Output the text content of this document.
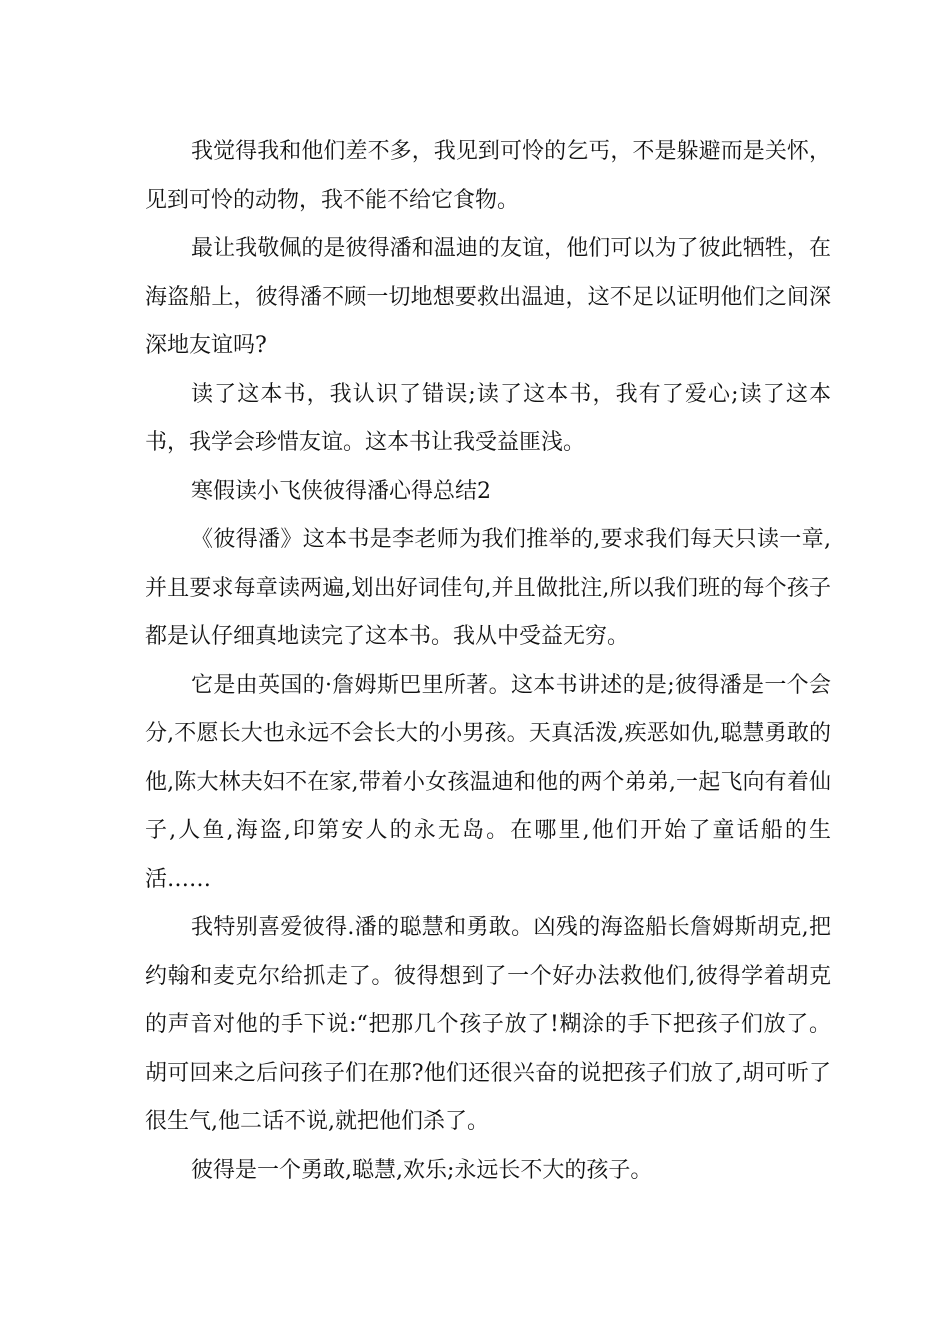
我觉得我和他们差不多，我见到可怜的乞丐，不是躲避而是关怀，见到可怜的动物，我不能不给它食物。

最让我敬佩的是彼得潘和温迪的友谊，他们可以为了彼此牺牲，在海盗船上，彼得潘不顾一切地想要救出温迪，这不足以证明他们之间深深地友谊吗?

读了这本书，我认识了错误;读了这本书，我有了爱心;读了这本书，我学会珍惜友谊。这本书让我受益匪浅。

寒假读小飞侠彼得潘心得总结2

《彼得潘》这本书是李老师为我们推举的,要求我们每天只读一章,并且要求每章读两遍,划出好词佳句,并且做批注,所以我们班的每个孩子都是认仔细真地读完了这本书。我从中受益无穷。

它是由英国的·詹姆斯巴里所著。这本书讲述的是;彼得潘是一个会分,不愿长大也永远不会长大的小男孩。天真活泼,疾恶如仇,聪慧勇敢的他,陈大林夫妇不在家,带着小女孩温迪和他的两个弟弟,一起飞向有着仙子,人鱼,海盗,印第安人的永无岛。在哪里,他们开始了童话船的生活……

我特别喜爱彼得.潘的聪慧和勇敢。凶残的海盗船长詹姆斯胡克,把约翰和麦克尔给抓走了。彼得想到了一个好办法救他们,彼得学着胡克的声音对他的手下说:“把那几个孩子放了!糊涂的手下把孩子们放了。胡可回来之后问孩子们在那?他们还很兴奋的说把孩子们放了,胡可听了很生气,他二话不说,就把他们杀了。

彼得是一个勇敢,聪慧,欢乐;永远长不大的孩子。
